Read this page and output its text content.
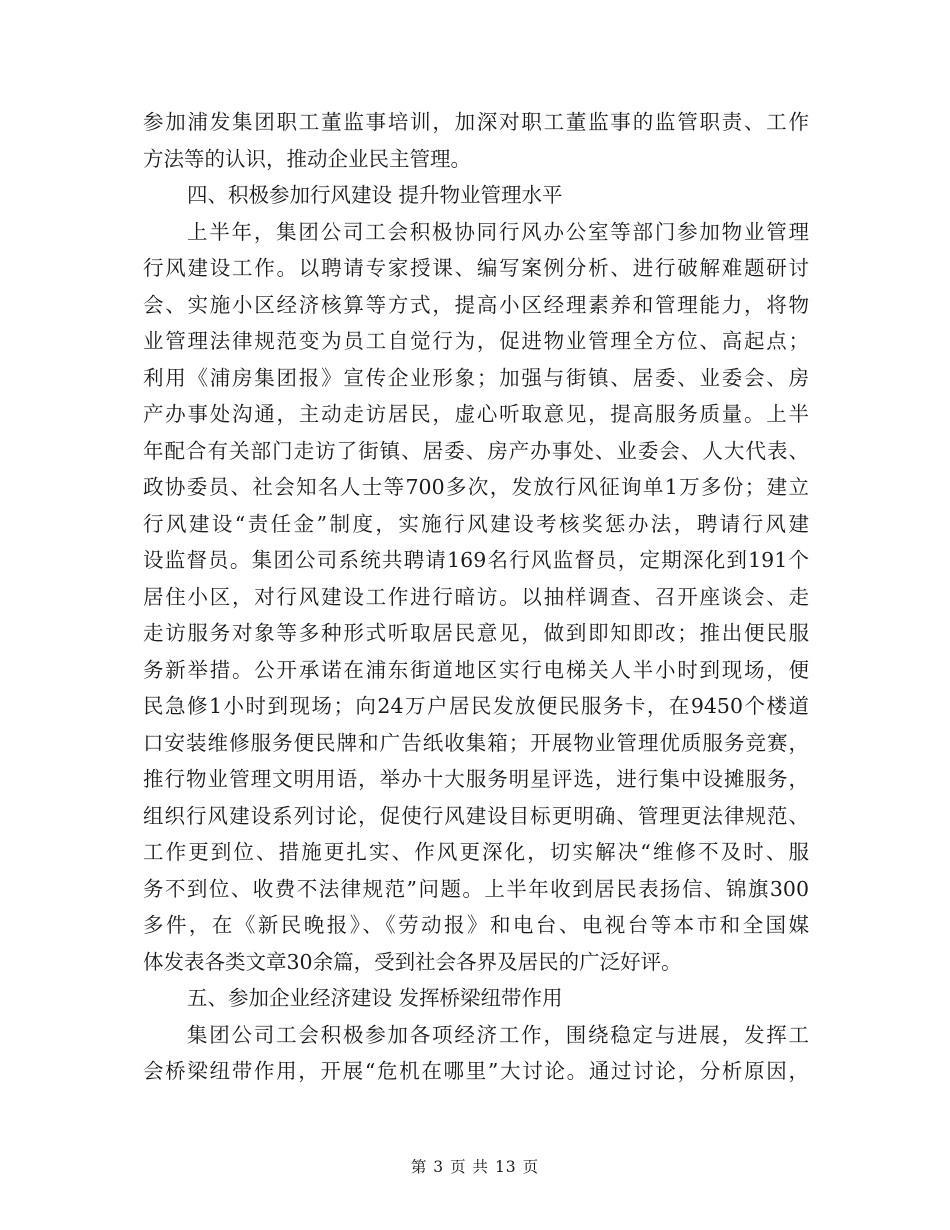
参加浦发集团职工董监事培训，加深对职工董监事的监管职责、工作
方法等的认识，推动企业民主管理。
四、积极参加行风建设 提升物业管理水平
上半年，集团公司工会积极协同行风办公室等部门参加物业管理
行风建设工作。以聘请专家授课、编写案例分析、进行破解难题研讨
会、实施小区经济核算等方式，提高小区经理素养和管理能力，将物
业管理法律规范变为员工自觉行为，促进物业管理全方位、高起点；
利用《浦房集团报》宣传企业形象；加强与街镇、居委、业委会、房
产办事处沟通，主动走访居民，虚心听取意见，提高服务质量。上半
年配合有关部门走访了街镇、居委、房产办事处、业委会、人大代表、
政协委员、社会知名人士等700多次，发放行风征询单1万多份；建立
行风建设“责任金”制度，实施行风建设考核奖惩办法，聘请行风建
设监督员。集团公司系统共聘请169名行风监督员，定期深化到191个
居住小区，对行风建设工作进行暗访。以抽样调查、召开座谈会、走
走访服务对象等多种形式听取居民意见，做到即知即改；推出便民服
务新举措。公开承诺在浦东街道地区实行电梯关人半小时到现场，便
民急修1小时到现场；向24万户居民发放便民服务卡，在9450个楼道
口安装维修服务便民牌和广告纸收集箱；开展物业管理优质服务竞赛，
推行物业管理文明用语，举办十大服务明星评选，进行集中设摊服务，
组织行风建设系列讨论，促使行风建设目标更明确、管理更法律规范、
工作更到位、措施更扎实、作风更深化，切实解决“维修不及时、服
务不到位、收费不法律规范”问题。上半年收到居民表扬信、锦旗300
多件，在《新民晚报》、《劳动报》和电台、电视台等本市和全国媒
体发表各类文章30余篇，受到社会各界及居民的广泛好评。
五、参加企业经济建设 发挥桥梁纽带作用
集团公司工会积极参加各项经济工作，围绕稳定与进展，发挥工
会桥梁纽带作用，开展“危机在哪里”大讨论。通过讨论，分析原因，
第 3 页 共 13 页
